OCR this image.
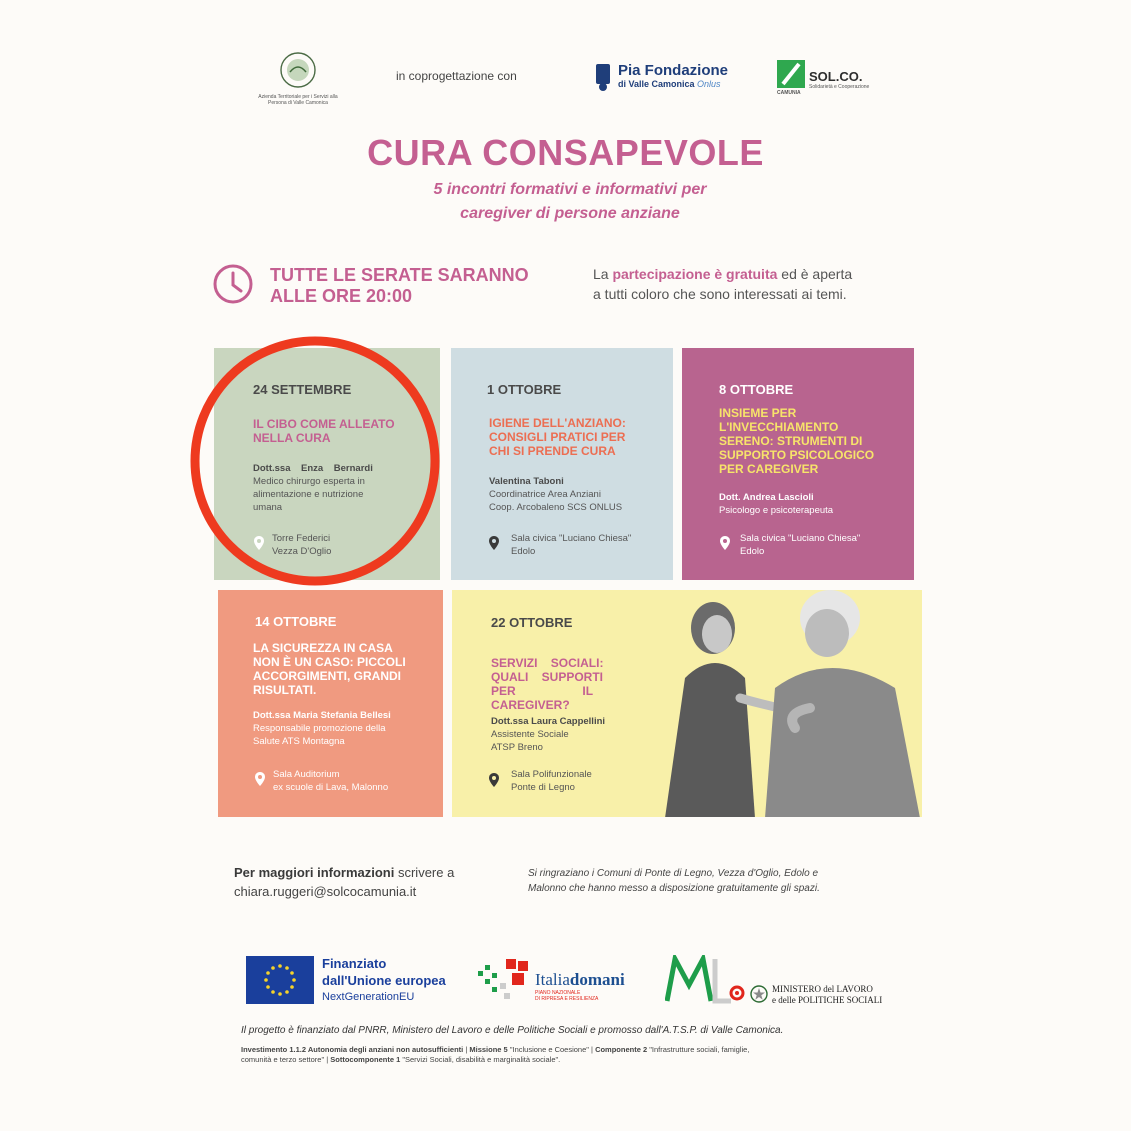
Azienda Territoriale per i Servizi alla Persona di Valle Camonica
in coprogettazione con	Pia Fondazione
di Valle Camonica Onlus	SOL.CO.
Solidarietà e Cooperazione
CAMUNIA
CURA CONSAPEVOLE
5 incontri formativi e informativi per
caregiver di persone anziane
TUTTE LE SERATE SARANNO
ALLE ORE 20:00
La partecipazione è gratuita ed è aperta
a tutti coloro che sono interessati ai temi.
24 SETTEMBRE
IL CIBO COME ALLEATO
NELLA CURA
Dott.ssa    Enza    Bernardi
Medico chirurgo esperta in
alimentazione e nutrizione
umana
Torre Federici
Vezza D'Oglio
1 OTTOBRE
IGIENE DELL'ANZIANO:
CONSIGLI PRATICI PER
CHI SI PRENDE CURA
Valentina Taboni
Coordinatrice Area Anziani
Coop. Arcobaleno SCS ONLUS
Sala civica "Luciano Chiesa"
Edolo
8 OTTOBRE
INSIEME PER
L'INVECCHIAMENTO
SERENO: STRUMENTI DI
SUPPORTO PSICOLOGICO
PER CAREGIVER
Dott. Andrea Lascioli
Psicologo e psicoterapeuta
Sala civica "Luciano Chiesa"
Edolo
14 OTTOBRE
LA SICUREZZA IN CASA
NON È UN CASO: PICCOLI
ACCORGIMENTI, GRANDI
RISULTATI.
Dott.ssa Maria Stefania Bellesi
Responsabile promozione della
Salute ATS Montagna
Sala Auditorium
ex scuole di Lava, Malonno
22 OTTOBRE
SERVIZI    SOCIALI:
QUALI    SUPPORTI
PER                    IL
CAREGIVER?
Dott.ssa Laura Cappellini
Assistente Sociale
ATSP Breno
Sala Polifunzionale
Ponte di Legno
Per maggiori informazioni scrivere a
chiara.ruggeri@solcocamunia.it
Si ringraziano i Comuni di Ponte di Legno, Vezza d'Oglio, Edolo e
Malonno che hanno messo a disposizione gratuitamente gli spazi.
Finanziato
dall'Unione europea
NextGenerationEU
Italiadomani
PIANO NAZIONALE
DI RIPRESA E RESILIENZA
MINISTERO del LAVORO
e delle POLITICHE SOCIALI
Il progetto è finanziato dal PNRR, Ministero del Lavoro e delle Politiche Sociali e promosso dall'A.T.S.P. di Valle Camonica.
Investimento 1.1.2 Autonomia degli anziani non autosufficienti | Missione 5 "Inclusione e Coesione" | Componente 2 "Infrastrutture sociali, famiglie,
comunità e terzo settore" | Sottocomponente 1 "Servizi Sociali, disabilità e marginalità sociale".
